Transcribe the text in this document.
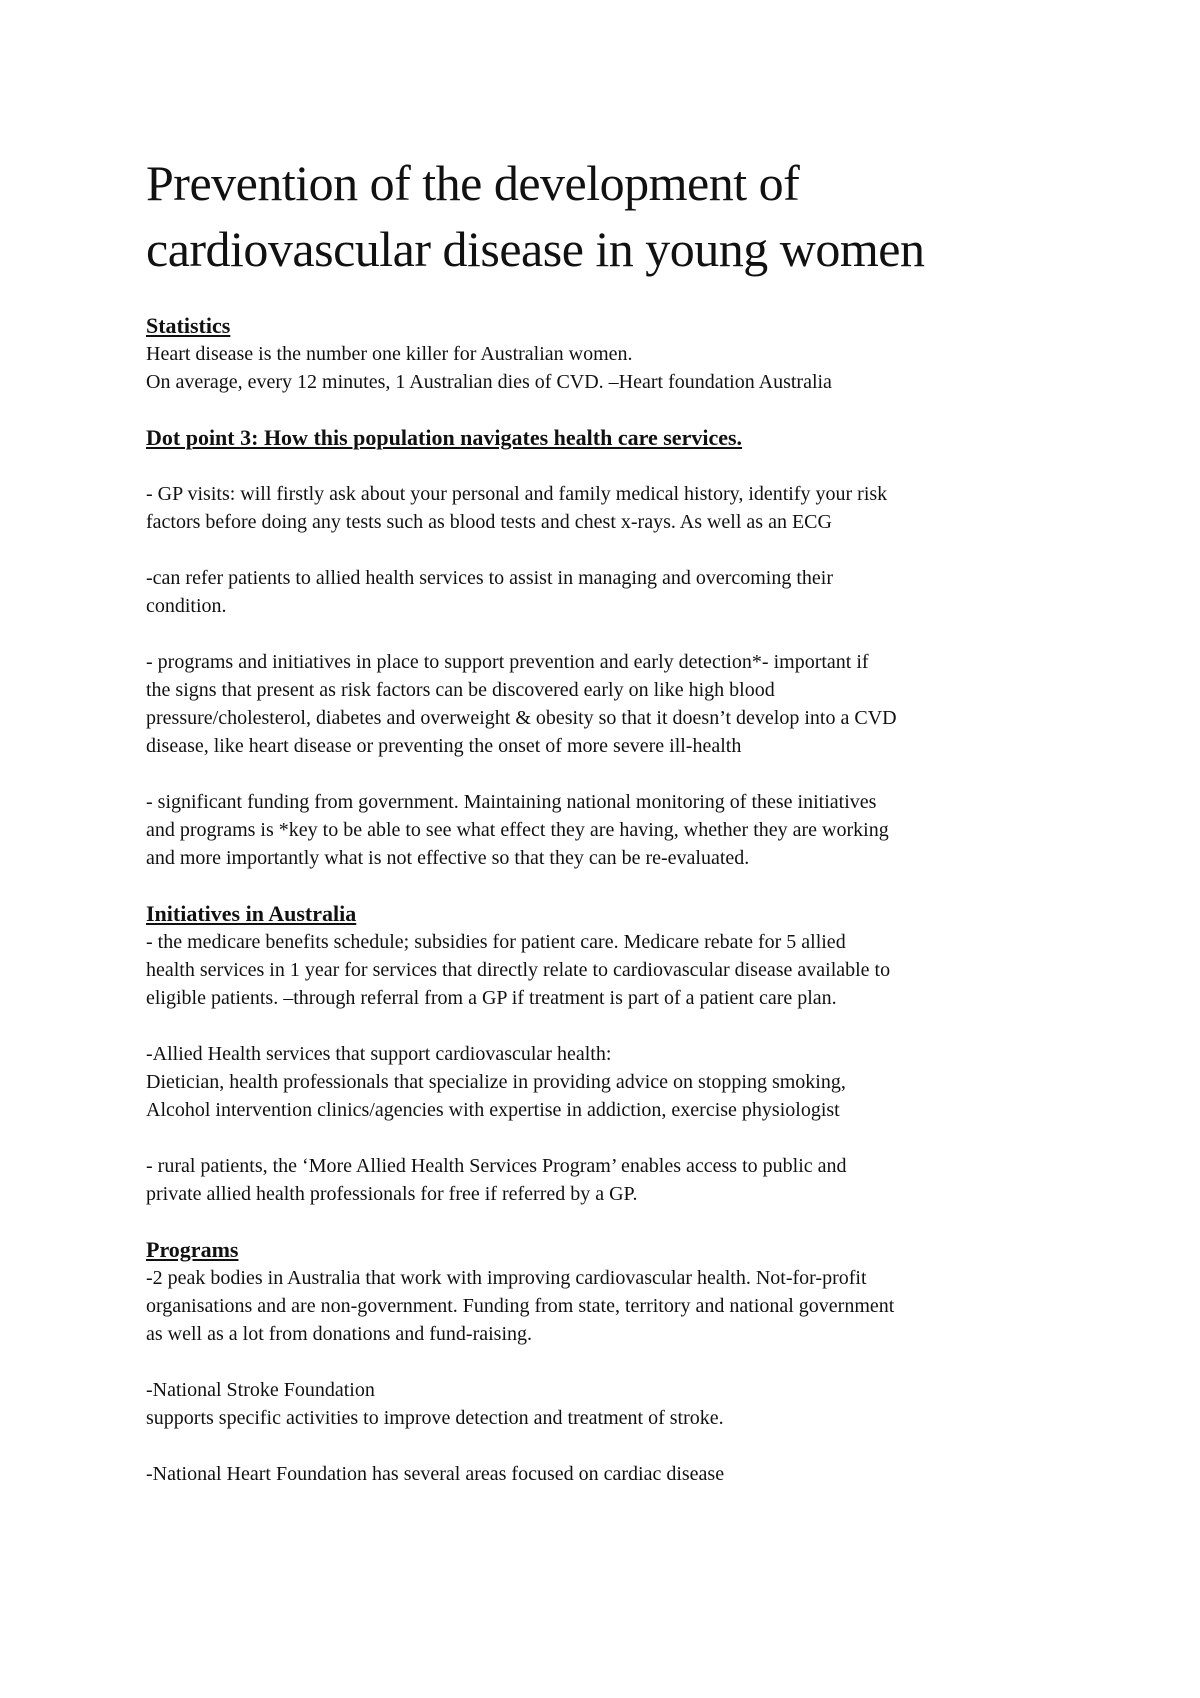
Prevention of the development of
cardiovascular disease in young women
Statistics

Heart disease is the number one killer for Australian women.
On average, every 12 minutes, 1 Australian dies of CVD. –Heart foundation Australia

Dot point 3: How this population navigates health care services.

- GP visits: will firstly ask about your personal and family medical history, identify your risk
factors before doing any tests such as blood tests and chest x-rays. As well as an ECG

-can refer patients to allied health services to assist in managing and overcoming their
condition.

- programs and initiatives in place to support prevention and early detection*- important if
the signs that present as risk factors can be discovered early on like high blood
pressure/cholesterol, diabetes and overweight & obesity so that it doesn’t develop into a CVD
disease, like heart disease or preventing the onset of more severe ill-health

- significant funding from government. Maintaining national monitoring of these initiatives
and programs is *key to be able to see what effect they are having, whether they are working
and more importantly what is not effective so that they can be re-evaluated.

Initiatives in Australia

- the medicare benefits schedule; subsidies for patient care. Medicare rebate for 5 allied
health services in 1 year for services that directly relate to cardiovascular disease available to
eligible patients. –through referral from a GP if treatment is part of a patient care plan.

-Allied Health services that support cardiovascular health:
Dietician, health professionals that specialize in providing advice on stopping smoking,
Alcohol intervention clinics/agencies with expertise in addiction, exercise physiologist

- rural patients, the ‘More Allied Health Services Program’ enables access to public and
private allied health professionals for free if referred by a GP.

Programs

-2 peak bodies in Australia that work with improving cardiovascular health. Not-for-profit
organisations and are non-government. Funding from state, territory and national government
as well as a lot from donations and fund-raising.

-National Stroke Foundation
supports specific activities to improve detection and treatment of stroke.

-National Heart Foundation has several areas focused on cardiac disease
